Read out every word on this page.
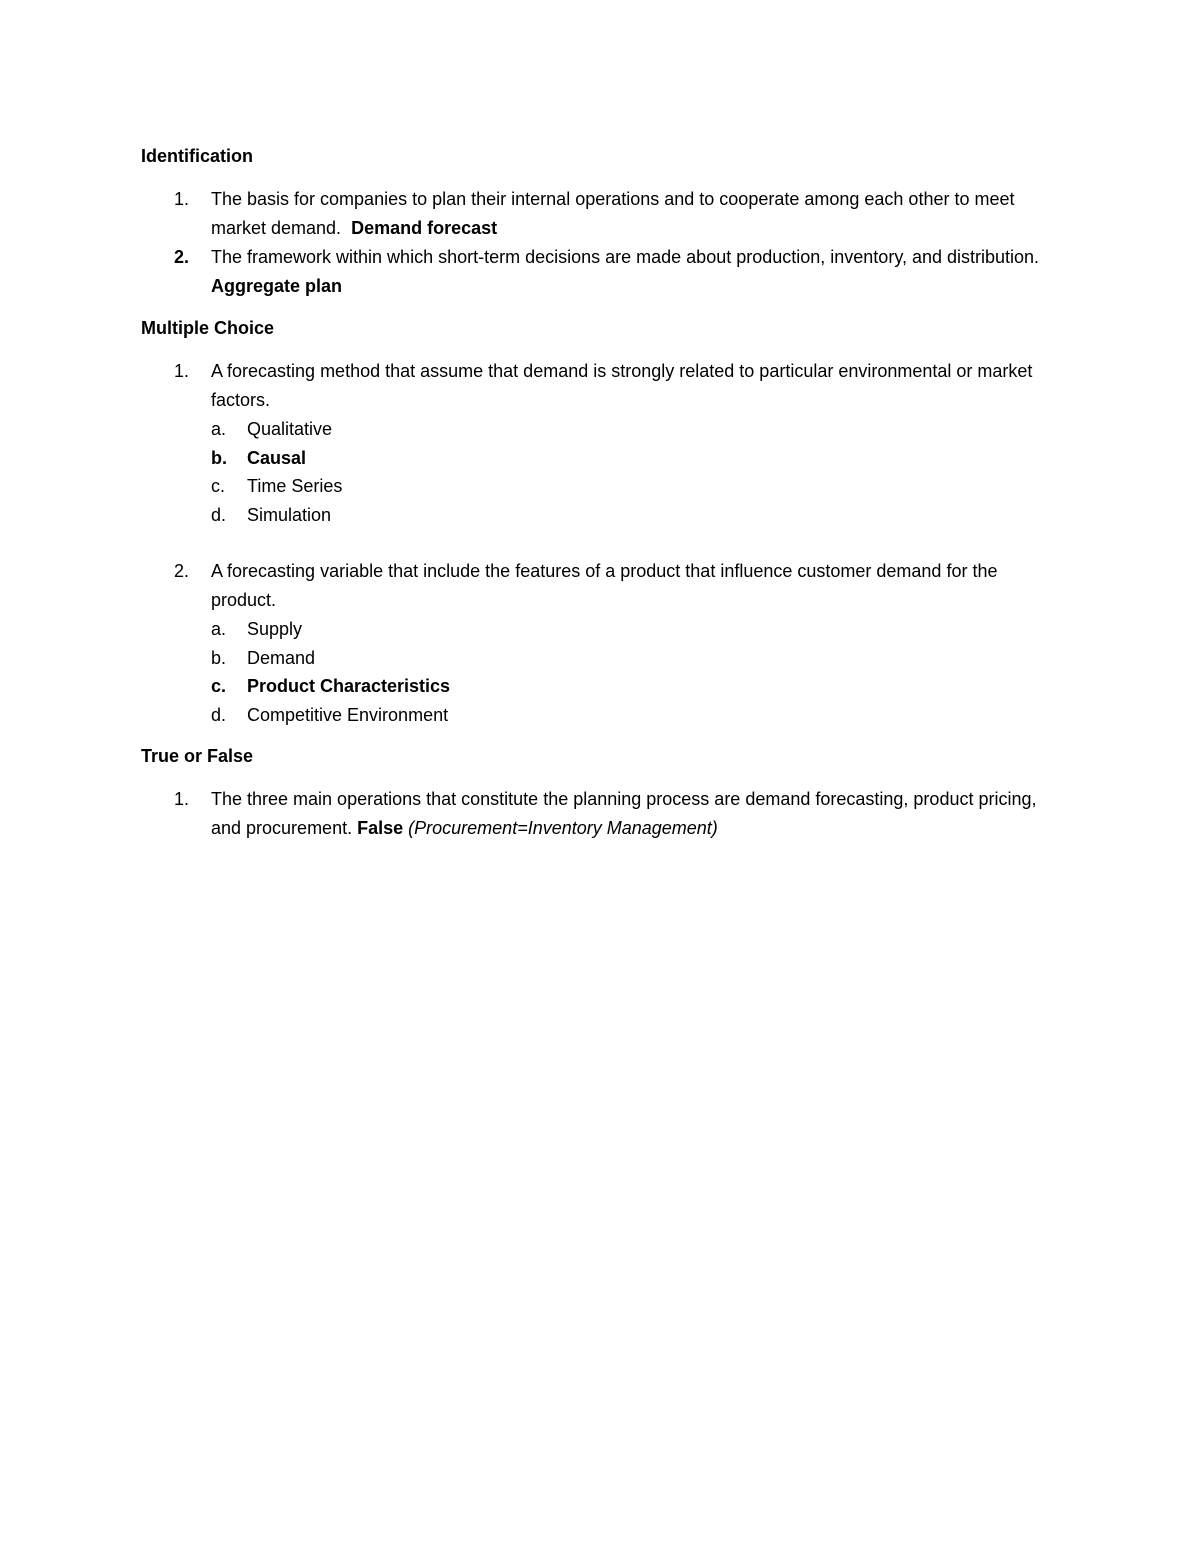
Identification

1. The basis for companies to plan their internal operations and to cooperate among each other to meet market demand. Demand forecast
2. The framework within which short-term decisions are made about production, inventory, and distribution. Aggregate plan

Multiple Choice

1. A forecasting method that assume that demand is strongly related to particular environmental or market factors.
a. Qualitative
b. Causal
c. Time Series
d. Simulation
2. A forecasting variable that include the features of a product that influence customer demand for the product.
a. Supply
b. Demand
c. Product Characteristics
d. Competitive Environment

True or False

1. The three main operations that constitute the planning process are demand forecasting, product pricing, and procurement. False (Procurement=Inventory Management)
